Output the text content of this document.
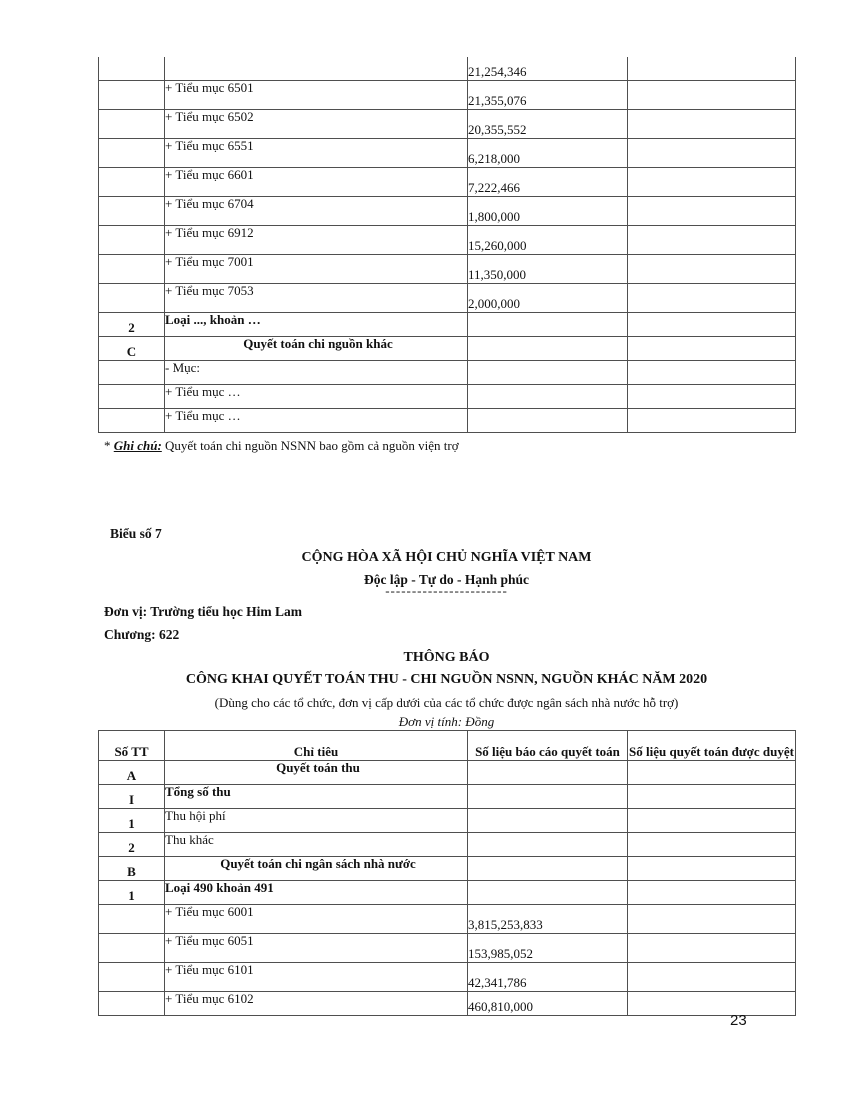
		21,254,346	
	+ Tiểu mục 6501	21,355,076	
	+ Tiểu mục 6502	20,355,552	
	+ Tiểu mục 6551	6,218,000	
	+ Tiểu mục 6601	7,222,466	
	+ Tiểu mục 6704	1,800,000	
	+ Tiểu mục 6912	15,260,000	
	+ Tiểu mục 7001	11,350,000	
	+ Tiểu mục 7053	2,000,000	
2	Loại ..., khoản …		
C	Quyết toán chi nguồn khác		
	- Mục:		
	+ Tiểu mục …		
	+ Tiểu mục …		
* Ghi chú: Quyết toán chi nguồn NSNN bao gồm cả nguồn viện trợ
Biểu số 7
CỘNG HÒA XÃ HỘI CHỦ NGHĨA VIỆT NAM
Độc lập - Tự do - Hạnh phúc
-----------------------
Đơn vị: Trường tiểu học Him Lam
Chương: 622
THÔNG BÁO
CÔNG KHAI QUYẾT TOÁN THU - CHI NGUỒN NSNN, NGUỒN KHÁC NĂM 2020
(Dùng cho các tổ chức, đơn vị cấp dưới của các tổ chức được ngân sách nhà nước hỗ trợ)
Đơn vị tính: Đồng
Số TT	Chỉ tiêu	Số liệu báo cáo quyết toán	Số liệu quyết toán được duyệt
A	Quyết toán thu		
I	Tổng số thu		
1	Thu hội phí		
2	Thu khác		
B	Quyết toán chi ngân sách nhà nước		
1	Loại 490 khoản 491		
	+ Tiểu mục 6001	3,815,253,833	
	+ Tiểu mục 6051	153,985,052	
	+ Tiểu mục 6101	42,341,786	
	+ Tiểu mục 6102	460,810,000	
23
